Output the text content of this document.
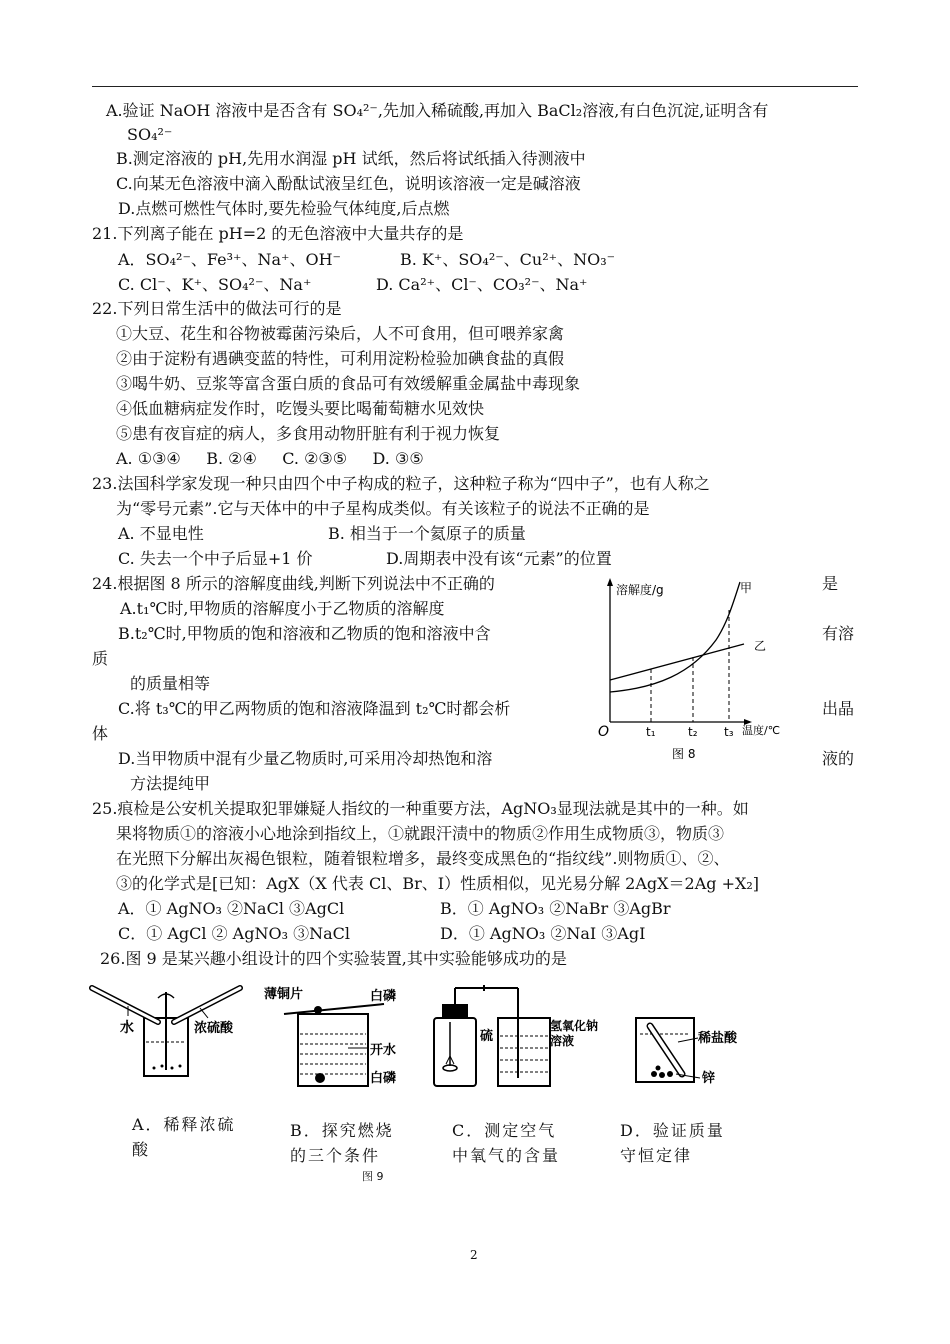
A.验证 NaOH 溶液中是否含有 SO₄²⁻,先加入稀硫酸,再加入 BaCl₂溶液,有白色沉淀,证明含有
SO₄²⁻
B.测定溶液的 pH,先用水润湿 pH 试纸，然后将试纸插入待测液中
C.向某无色溶液中滴入酚酞试液呈红色，说明该溶液一定是碱溶液
D.点燃可燃性气体时,要先检验气体纯度,后点燃
21.下列离子能在 pH=2 的无色溶液中大量共存的是
A．SO₄²⁻、Fe³⁺、Na⁺、OH⁻	B. K⁺、SO₄²⁻、Cu²⁺、NO₃⁻
C. Cl⁻、K⁺、SO₄²⁻、Na⁺	D. Ca²⁺、Cl⁻、CO₃²⁻、Na⁺
22.下列日常生活中的做法可行的是
①大豆、花生和谷物被霉菌污染后，人不可食用，但可喂养家禽
②由于淀粉有遇碘变蓝的特性，可利用淀粉检验加碘食盐的真假
③喝牛奶、豆浆等富含蛋白质的食品可有效缓解重金属盐中毒现象
④低血糖病症发作时，吃馒头要比喝葡萄糖水见效快
⑤患有夜盲症的病人，多食用动物肝脏有利于视力恢复
A. ①③④     B. ②④     C. ②③⑤     D. ③⑤
23.法国科学家发现一种只由四个中子构成的粒子，这种粒子称为“四中子”，也有人称之
为“零号元素”.它与天体中的中子星构成类似。有关该粒子的说法不正确的是
A. 不显电性	B. 相当于一个氦原子的质量
C. 失去一个中子后显+1 价	D.周期表中没有该“元素”的位置
24.根据图 8 所示的溶解度曲线,判断下列说法中不正确的	是
A.t₁℃时,甲物质的溶解度小于乙物质的溶解度
B.t₂℃时,甲物质的饱和溶液和乙物质的饱和溶液中含	有溶
质
的质量相等
C.将 t₃℃的甲乙两物质的饱和溶液降温到 t₂℃时都会析	出晶
体
D.当甲物质中混有少量乙物质时,可采用冷却热饱和溶	液的
方法提纯甲
溶解度/g
O	t₁	t₂ t₃ 温度/℃
甲
乙
图 8
25.痕检是公安机关提取犯罪嫌疑人指纹的一种重要方法，AgNO₃显现法就是其中的一种。如
果将物质①的溶液小心地涂到指纹上，①就跟汗渍中的物质②作用生成物质③，物质③
在光照下分解出灰褐色银粒，随着银粒增多，最终变成黑色的“指纹线”.则物质①、②、
③的化学式是[已知：AgX（X 代表 Cl、Br、I）性质相似，见光易分解 2AgX＝2Ag +X₂]
A．① AgNO₃ ②NaCl ③AgCl	B．① AgNO₃ ②NaBr ③AgBr
C．① AgCl ② AgNO₃ ③NaCl	D．① AgNO₃ ②NaI ③AgI
26.图 9 是某兴趣小组设计的四个实验装置,其中实验能够成功的是
水	浓硫酸
薄铜片	白磷
开水
白磷
硫
氢氧化钠溶液	稀盐酸
锌
A．稀释浓硫
酸
B．探究燃烧
的三个条件
C．测定空气
中氧气的含量
D．验证质量
守恒定律
图 9
2
